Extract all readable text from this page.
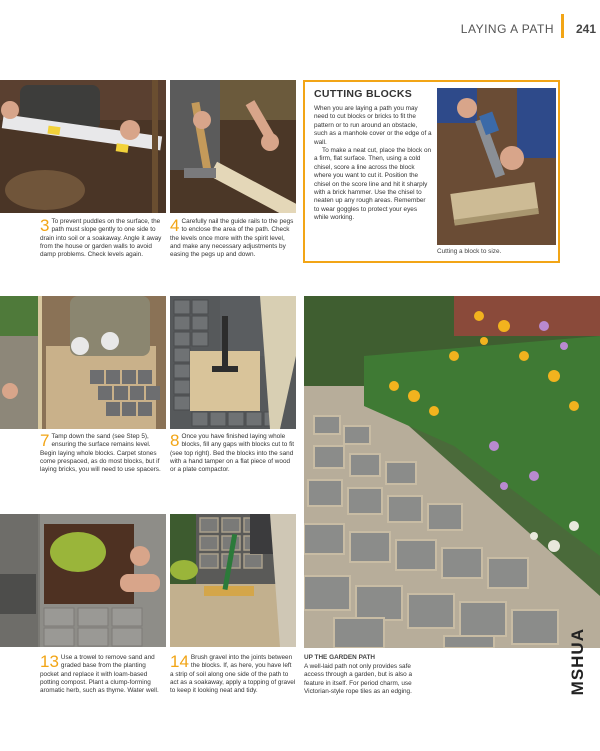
LAYING A PATH 241
3 To prevent puddles on the surface, the path must slope gently to one side to drain into soil or a soakaway. Angle it away from the house or garden walls to avoid damp problems. Check levels again.
4 Carefully nail the guide rails to the pegs to enclose the area of the path. Check the levels once more with the spirit level, and make any necessary adjustments by easing the pegs up and down.
CUTTING BLOCKS

When you are laying a path you may need to cut blocks or bricks to fit the pattern or to run around an obstacle, such as a manhole cover or the edge of a wall.

To make a neat cut, place the block on a firm, flat surface. Then, using a cold chisel, score a line across the block where you want to cut it. Position the chisel on the score line and hit it sharply with a brick hammer. Use the chisel to neaten up any rough areas. Remember to wear goggles to protect your eyes while working.

Cutting a block to size.
7 Tamp down the sand (see Step 5), ensuring the surface remains level. Begin laying whole blocks. Carpet stones come prespaced, as do most blocks, but if laying bricks, you will need to use spacers.
8 Once you have finished laying whole blocks, fill any gaps with blocks cut to fit (see top right). Bed the blocks into the sand with a hand tamper on a flat piece of wood or a plate compactor.
13 Use a trowel to remove sand and graded base from the planting pocket and replace it with loam-based potting compost. Plant a clump-forming aromatic herb, such as thyme. Water well.
14 Brush gravel into the joints between the blocks. If, as here, you have left a strip of soil along one side of the path to act as a soakaway, apply a topping of gravel to keep it looking neat and tidy.
UP THE GARDEN PATH
A well-laid path not only provides safe access through a garden, but is also a feature in itself. For period charm, use Victorian-style rope tiles as an edging.	MSHUA
